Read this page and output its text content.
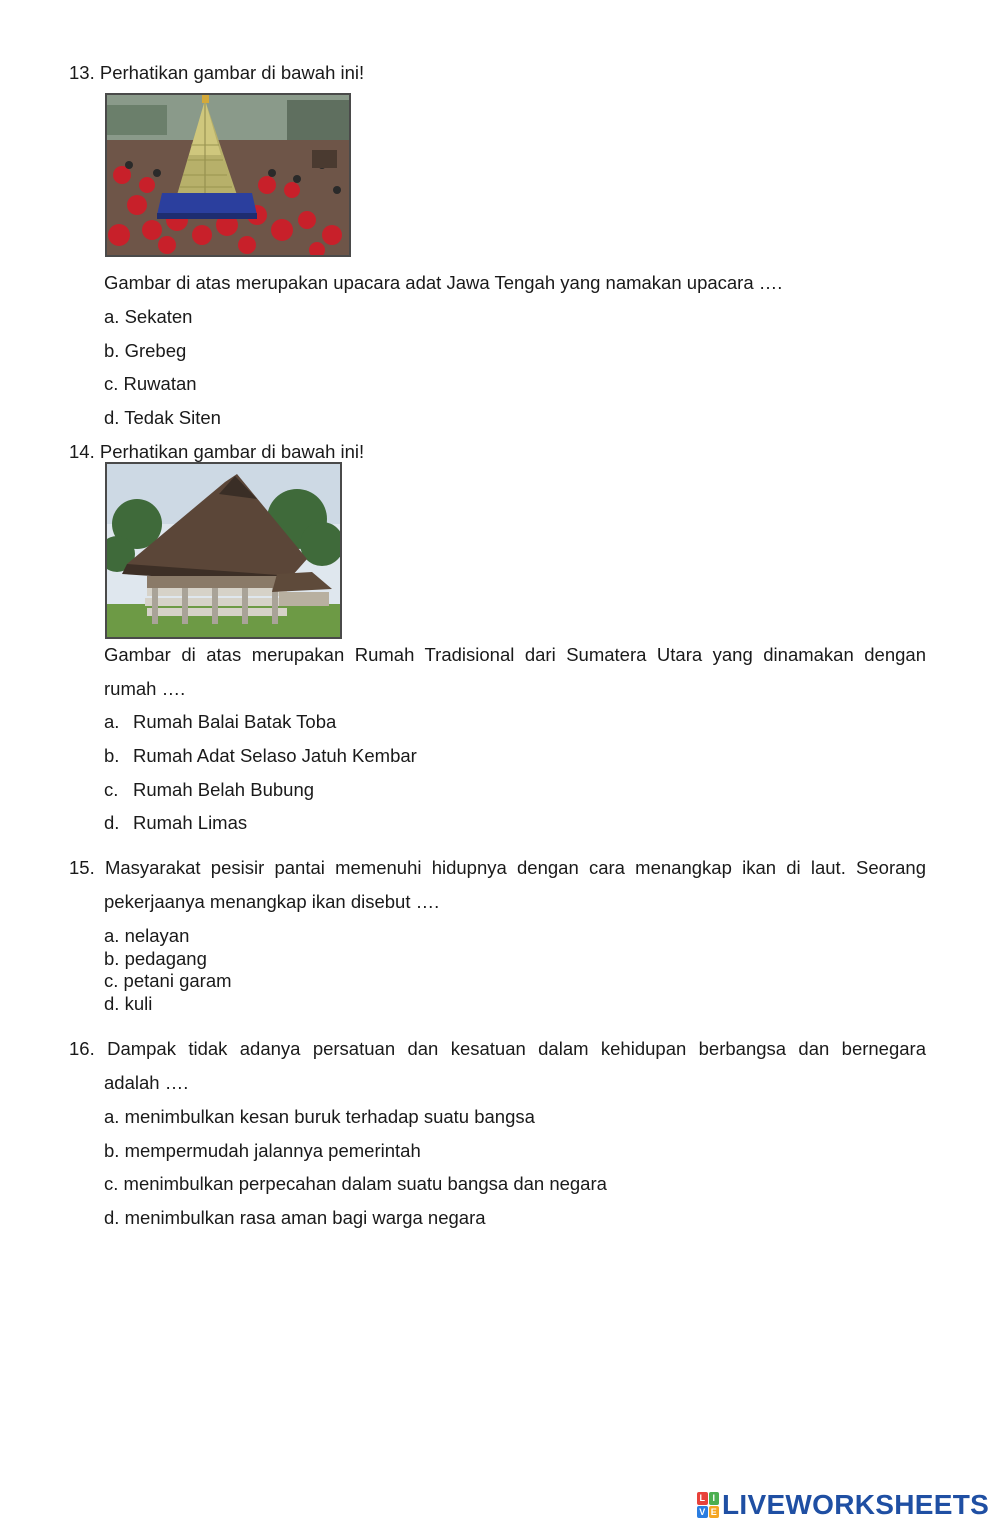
13. Perhatikan gambar di bawah ini!
Gambar di atas merupakan upacara adat Jawa Tengah yang namakan upacara ….
a. Sekaten
b. Grebeg
c. Ruwatan
d. Tedak Siten
14. Perhatikan gambar di bawah ini!
Gambar di atas merupakan Rumah Tradisional dari Sumatera Utara yang dinamakan dengan
rumah ….
a. Rumah Balai Batak Toba
b. Rumah Adat Selaso Jatuh Kembar
c. Rumah Belah Bubung
d. Rumah Limas
15. Masyarakat pesisir pantai memenuhi hidupnya dengan cara menangkap ikan di laut. Seorang
pekerjaanya menangkap ikan disebut ….
a. nelayan
b. pedagang
c. petani garam
d. kuli
16. Dampak tidak adanya persatuan dan kesatuan dalam kehidupan berbangsa dan bernegara
adalah ….
a. menimbulkan kesan buruk terhadap suatu bangsa
b. mempermudah jalannya pemerintah
c. menimbulkan perpecahan dalam suatu bangsa dan negara
d. menimbulkan rasa aman bagi warga negara
L I
V E LIVEWORKSHEETS
